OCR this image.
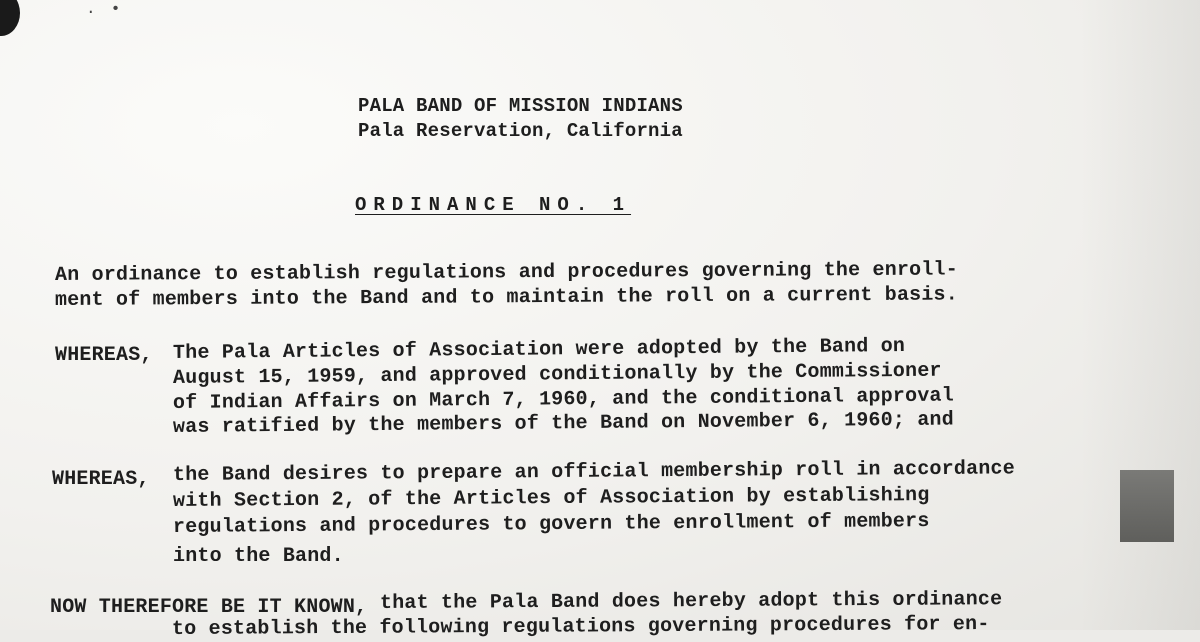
. •
PALA BAND OF MISSION INDIANS
Pala Reservation, California
ORDINANCE NO. 1
An ordinance to establish regulations and procedures governing the enroll-
ment of members into the Band and to maintain the roll on a current basis.
WHEREAS, The Pala Articles of Association were adopted by the Band on
August 15, 1959, and approved conditionally by the Commissioner
of Indian Affairs on March 7, 1960, and the conditional approval
was ratified by the members of the Band on November 6, 1960; and
WHEREAS, the Band desires to prepare an official membership roll in accordance
with Section 2, of the Articles of Association by establishing
regulations and procedures to govern the enrollment of members
into the Band.
NOW THEREFORE BE IT KNOWN, that the Pala Band does hereby adopt this ordinance
to establish the following regulations governing procedures for en-
